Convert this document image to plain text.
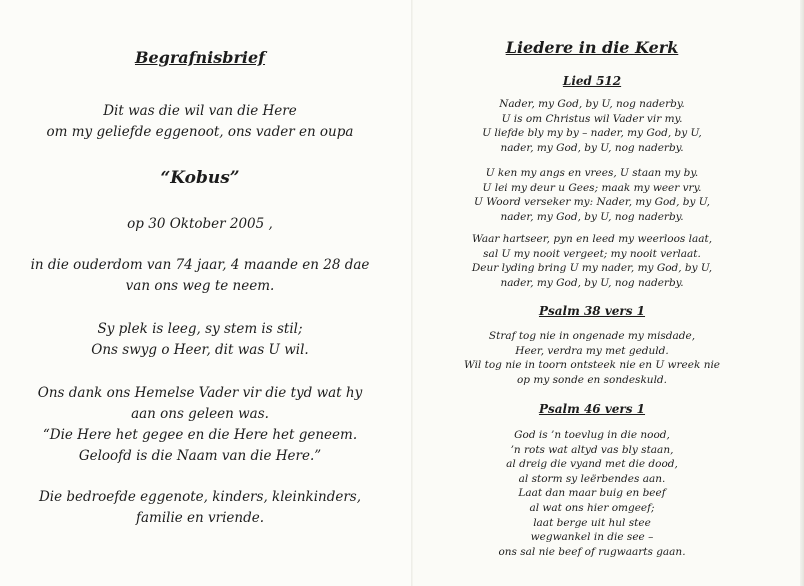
Begrafnisbrief
Dit was die wil van die Here
om my geliefde eggenoot, ons vader en oupa
“Kobus”
op 30 Oktober 2005 ,
in die ouderdom van 74 jaar, 4 maande en 28 dae
van ons weg te neem.
Sy plek is leeg, sy stem is stil;
Ons swyg o Heer, dit was U wil.
Ons dank ons Hemelse Vader vir die tyd wat hy
aan ons geleen was.
“Die Here het gegee en die Here het geneem.
Geloofd is die Naam van die Here.”
Die bedroefde eggenote, kinders, kleinkinders,
familie en vriende.
Liedere in die Kerk
Lied 512
Nader, my God, by U, nog naderby.
U is om Christus wil Vader vir my.
U liefde bly my by – nader, my God, by U,
nader, my God, by U, nog naderby.
U ken my angs en vrees, U staan my by.
U lei my deur u Gees; maak my weer vry.
U Woord verseker my: Nader, my God, by U,
nader, my God, by U, nog naderby.
Waar hartseer, pyn en leed my weerloos laat,
sal U my nooit vergeet; my nooit verlaat.
Deur lyding bring U my nader, my God, by U,
nader, my God, by U, nog naderby.
Psalm 38 vers 1
Straf tog nie in ongenade my misdade,
Heer, verdra my met geduld.
Wil tog nie in toorn ontsteek nie en U wreek nie
op my sonde en sondeskuld.
Psalm 46 vers 1
God is ’n toevlug in die nood,
’n rots wat altyd vas bly staan,
al dreig die vyand met die dood,
al storm sy leërbendes aan.
Laat dan maar buig en beef
al wat ons hier omgeef;
laat berge uit hul stee
wegwankel in die see –
ons sal nie beef of rugwaarts gaan.
